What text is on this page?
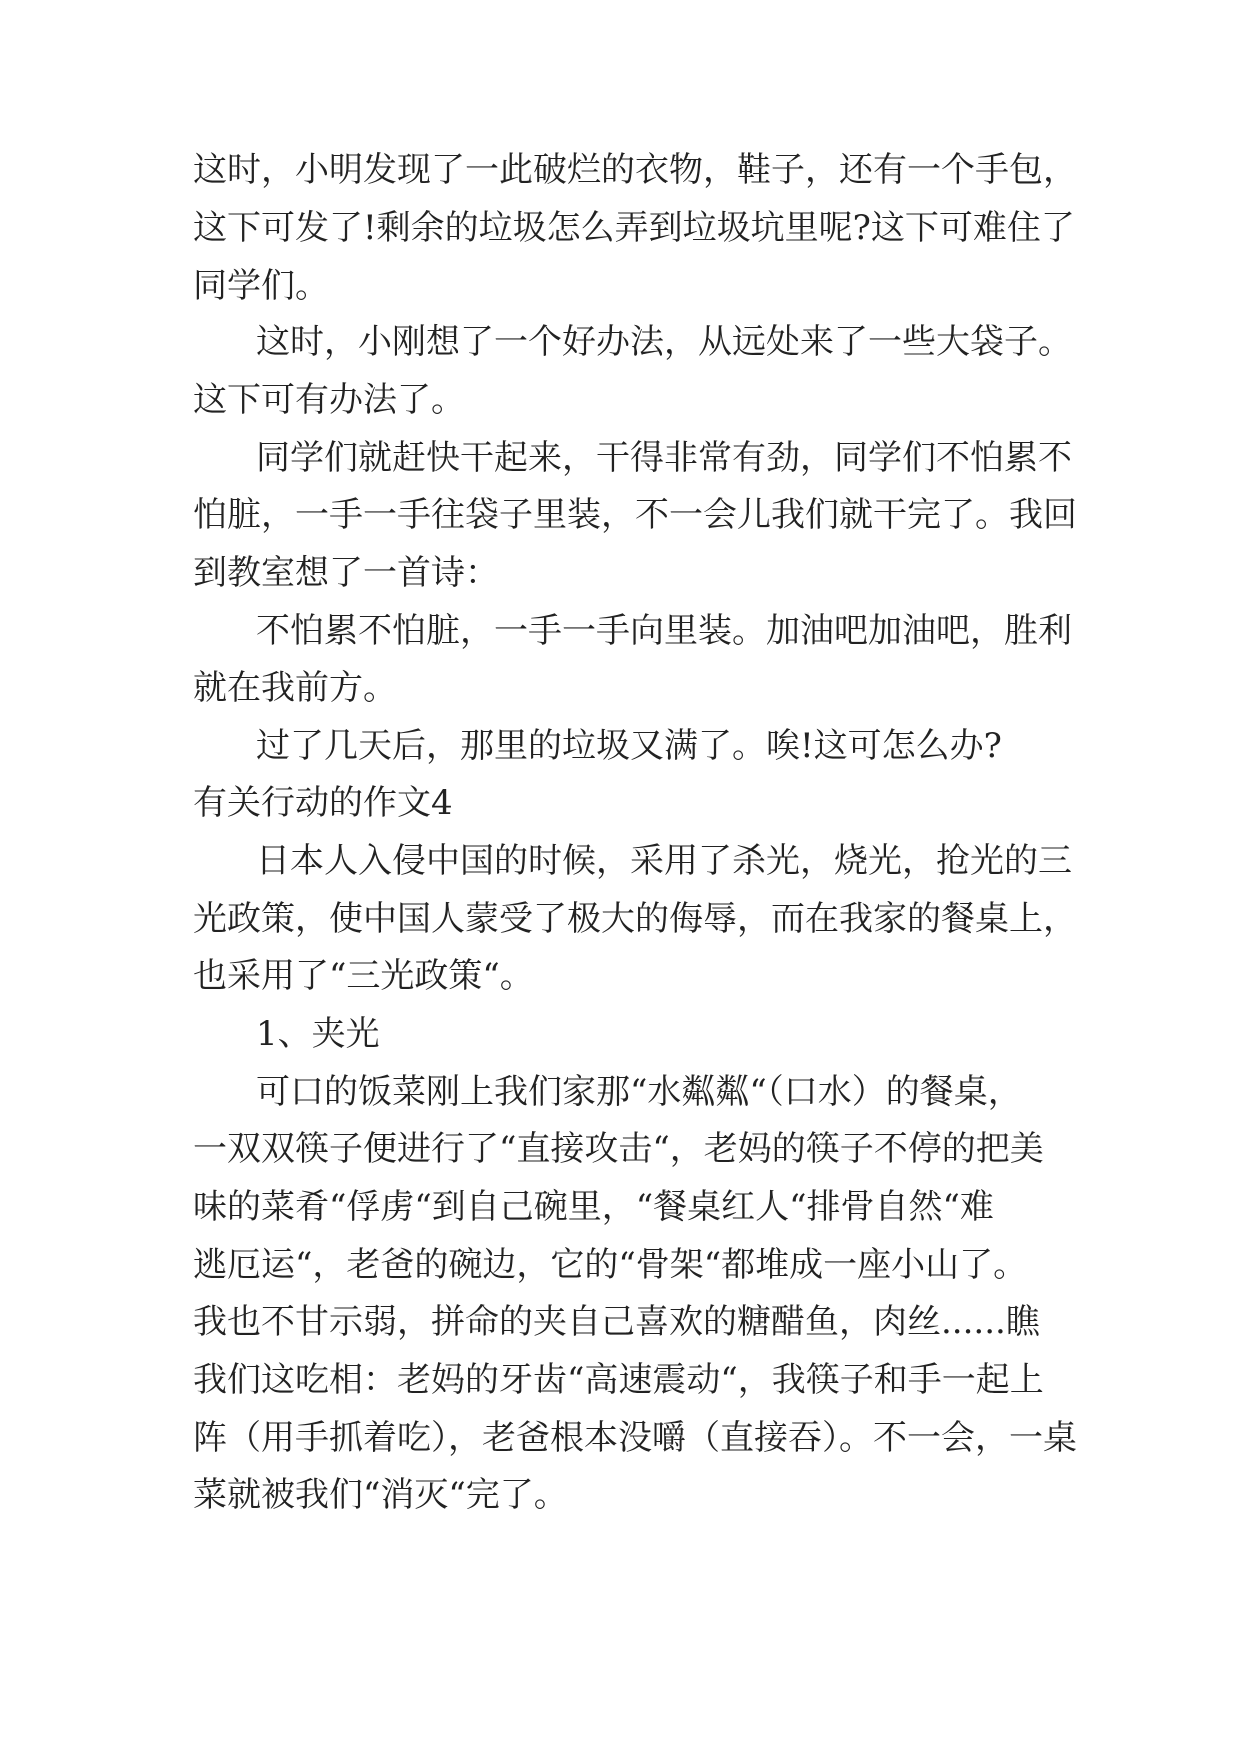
这时，小明发现了一此破烂的衣物，鞋子，还有一个手包，

这下可发了!剩余的垃圾怎么弄到垃圾坑里呢?这下可难住了

同学们。

这时，小刚想了一个好办法，从远处来了一些大袋子。

这下可有办法了。

同学们就赶快干起来，干得非常有劲，同学们不怕累不

怕脏，一手一手往袋子里装，不一会儿我们就干完了。我回

到教室想了一首诗：

不怕累不怕脏，一手一手向里装。加油吧加油吧，胜利

就在我前方。

过了几天后，那里的垃圾又满了。唉!这可怎么办?

有关行动的作文4

日本人入侵中国的时候，采用了杀光，烧光，抢光的三

光政策，使中国人蒙受了极大的侮辱，而在我家的餐桌上，

也采用了“三光政策“。

1、夹光

可口的饭菜刚上我们家那“水粼粼“（口水）的餐桌，

一双双筷子便进行了“直接攻击“，老妈的筷子不停的把美

味的菜肴“俘虏“到自己碗里，“餐桌红人“排骨自然“难

逃厄运“，老爸的碗边，它的“骨架“都堆成一座小山了。

我也不甘示弱，拼命的夹自己喜欢的糖醋鱼，肉丝......瞧

我们这吃相：老妈的牙齿“高速震动“，我筷子和手一起上

阵（用手抓着吃），老爸根本没嚼（直接吞）。不一会，一桌

菜就被我们“消灭“完了。
